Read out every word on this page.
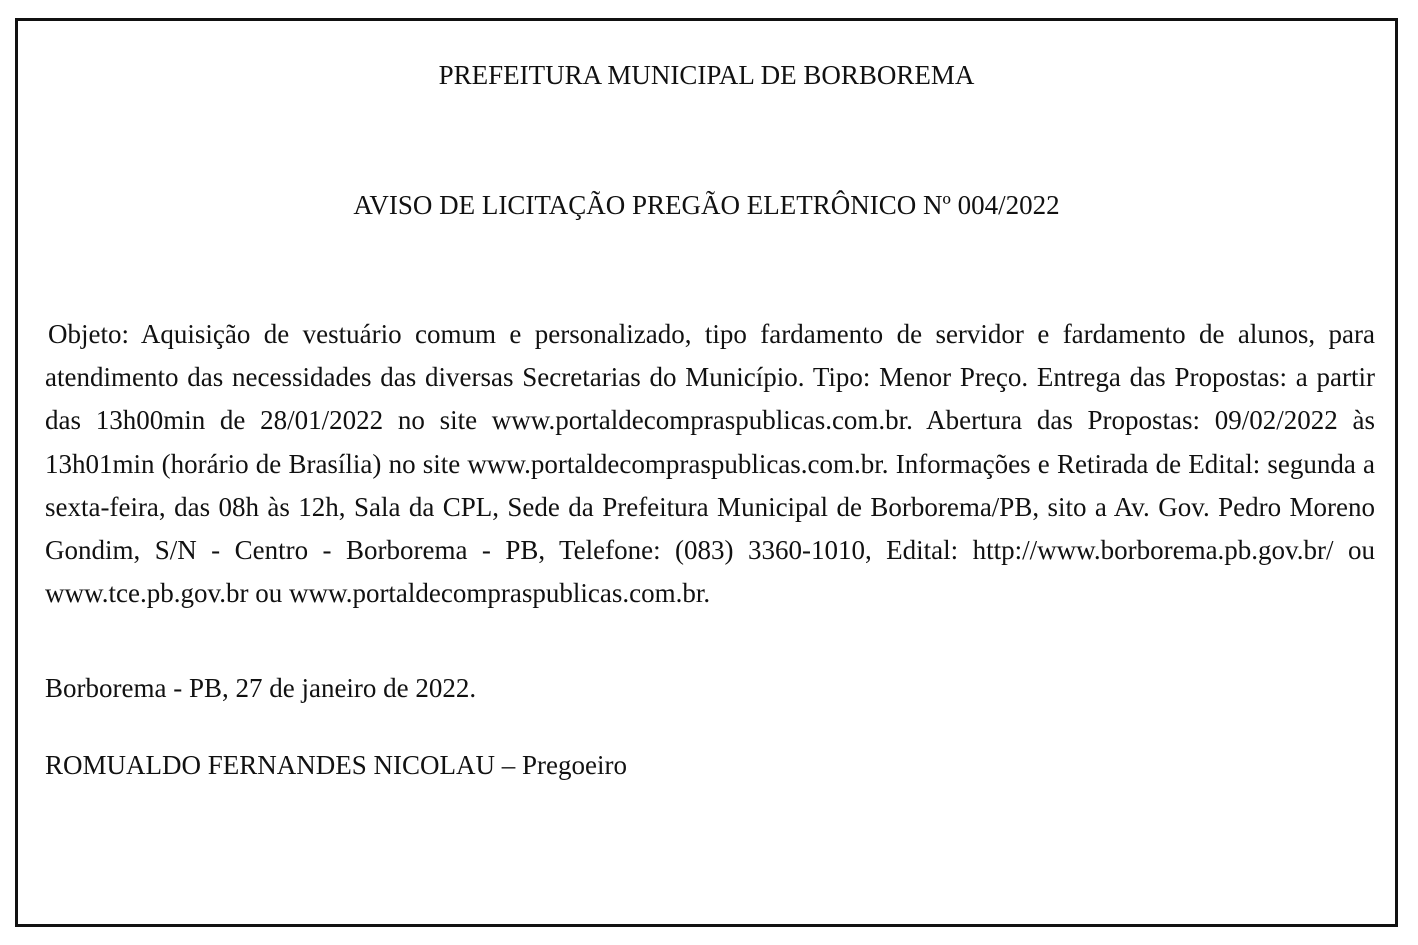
PREFEITURA MUNICIPAL DE BORBOREMA
AVISO DE LICITAÇÃO PREGÃO ELETRÔNICO Nº 004/2022

Objeto: Aquisição de vestuário comum e personalizado, tipo fardamento de servidor e fardamento de alunos, para atendimento das necessidades das diversas Secretarias do Município. Tipo: Menor Preço. Entrega das Propostas: a partir das 13h00min de 28/01/2022 no site www.portaldecompraspublicas.com.br. Abertura das Propostas: 09/02/2022 às 13h01min (horário de Brasília) no site www.portaldecompraspublicas.com.br. Informações e Retirada de Edital: segunda a sexta-feira, das 08h às 12h, Sala da CPL, Sede da Prefeitura Municipal de Borborema/PB, sito a Av. Gov. Pedro Moreno Gondim, S/N - Centro - Borborema - PB, Telefone: (083) 3360-1010, Edital: http://www.borborema.pb.gov.br/ ou www.tce.pb.gov.br ou www.portaldecompraspublicas.com.br.

Borborema - PB, 27 de janeiro de 2022.

ROMUALDO FERNANDES NICOLAU – Pregoeiro
